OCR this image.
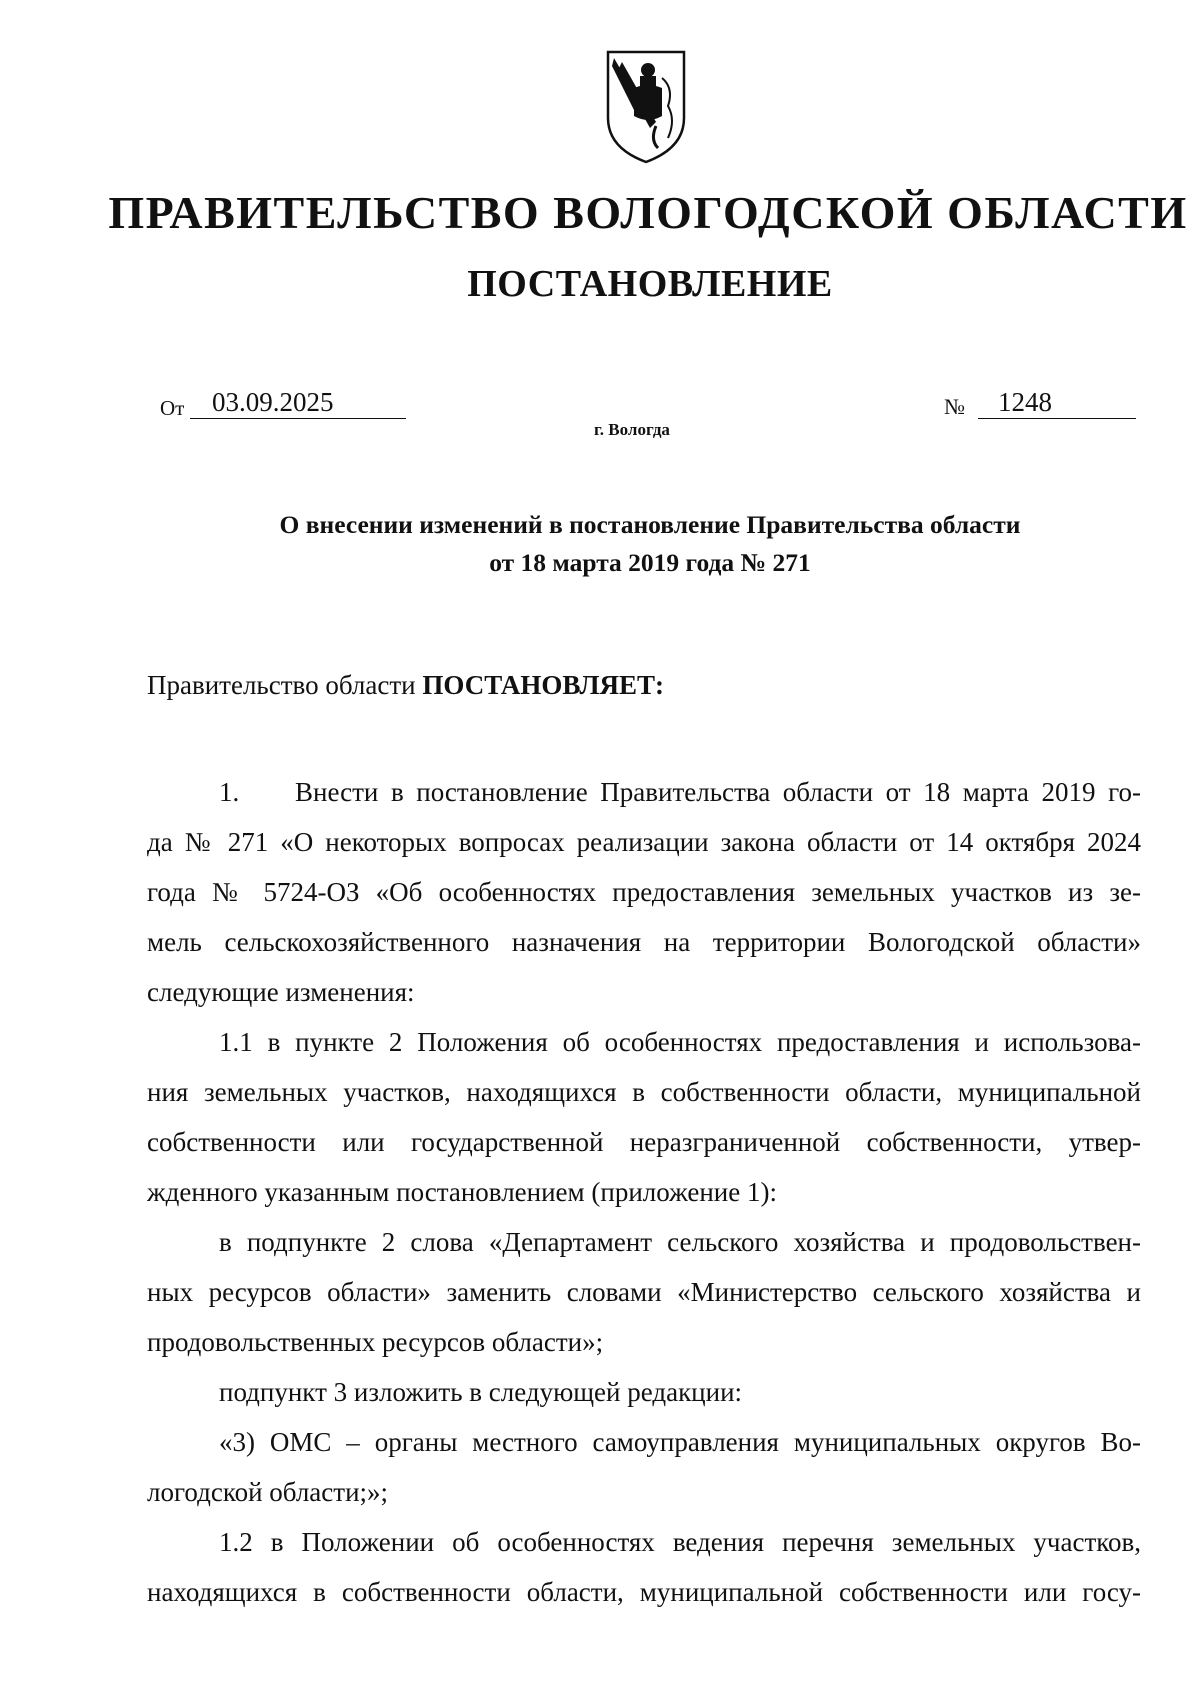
ПРАВИТЕЛЬСТВО ВОЛОГОДСКОЙ ОБЛАСТИ
ПОСТАНОВЛЕНИЕ
От	03.09.2025	№	1248
г. Вологда
О внесении изменений в постановление Правительства области
от 18 марта 2019 года № 271
Правительство области ПОСТАНОВЛЯЕТ:
1. Внести в постановление Правительства области от 18 марта 2019 го-
да № 271 «О некоторых вопросах реализации закона области от 14 октября 2024
года № 5724-ОЗ «Об особенностях предоставления земельных участков из зе-
мель сельскохозяйственного назначения на территории Вологодской области»
следующие изменения:
1.1 в пункте 2 Положения об особенностях предоставления и использова-
ния земельных участков, находящихся в собственности области, муниципальной
собственности или государственной неразграниченной собственности, утвер-
жденного указанным постановлением (приложение 1):
в подпункте 2 слова «Департамент сельского хозяйства и продовольствен-
ных ресурсов области» заменить словами «Министерство сельского хозяйства и
продовольственных ресурсов области»;
подпункт 3 изложить в следующей редакции:
«3) ОМС – органы местного самоуправления муниципальных округов Во-
логодской области;»;
1.2 в Положении об особенностях ведения перечня земельных участков,
находящихся в собственности области, муниципальной собственности или госу-
